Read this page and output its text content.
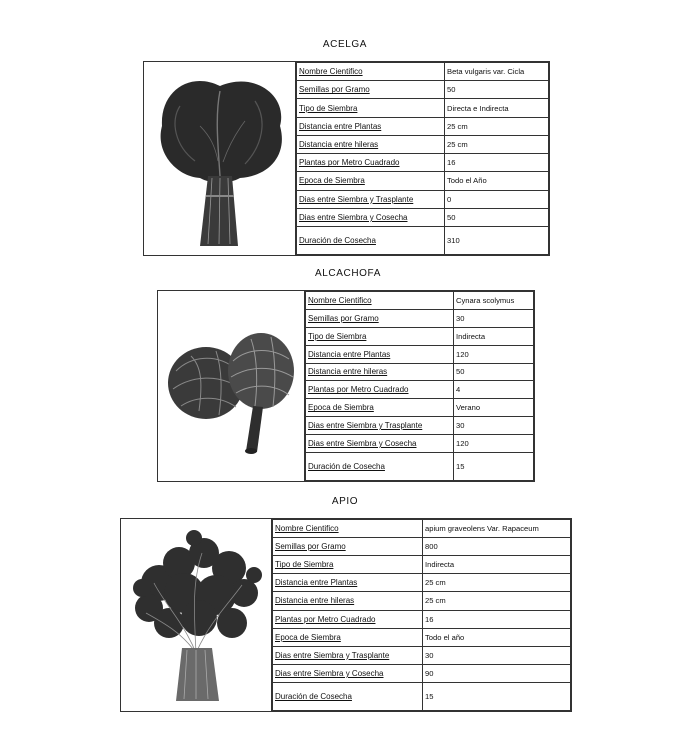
ACELGA
Nombre Cientifico	Beta vulgaris var. Cicla
Semillas por Gramo	50
Tipo de Siembra	Directa e Indirecta
Distancia entre Plantas	25 cm
Distancia entre hileras	25 cm
Plantas por Metro Cuadrado	16
Epoca de Siembra	Todo el Año
Dias entre Siembra y Trasplante	0
Dias entre Siembra y Cosecha	50
Duración de Cosecha	310
ALCACHOFA
Nombre Cientifico	Cynara scolymus
Semillas por Gramo	30
Tipo de Siembra	Indirecta
Distancia entre Plantas	120
Distancia entre hileras	50
Plantas por Metro Cuadrado	4
Epoca de Siembra	Verano
Dias entre Siembra y Trasplante	30
Dias entre Siembra y Cosecha	120
Duración de Cosecha	15
APIO
Nombre Cientifico	apium graveolens Var. Rapaceum
Semillas por Gramo	800
Tipo de Siembra	Indirecta
Distancia entre Plantas	25 cm
Distancia entre hileras	25 cm
Plantas por Metro Cuadrado	16
Epoca de Siembra	Todo el año
Dias entre Siembra y Trasplante	30
Dias entre Siembra y Cosecha	90
Duración de Cosecha	15
